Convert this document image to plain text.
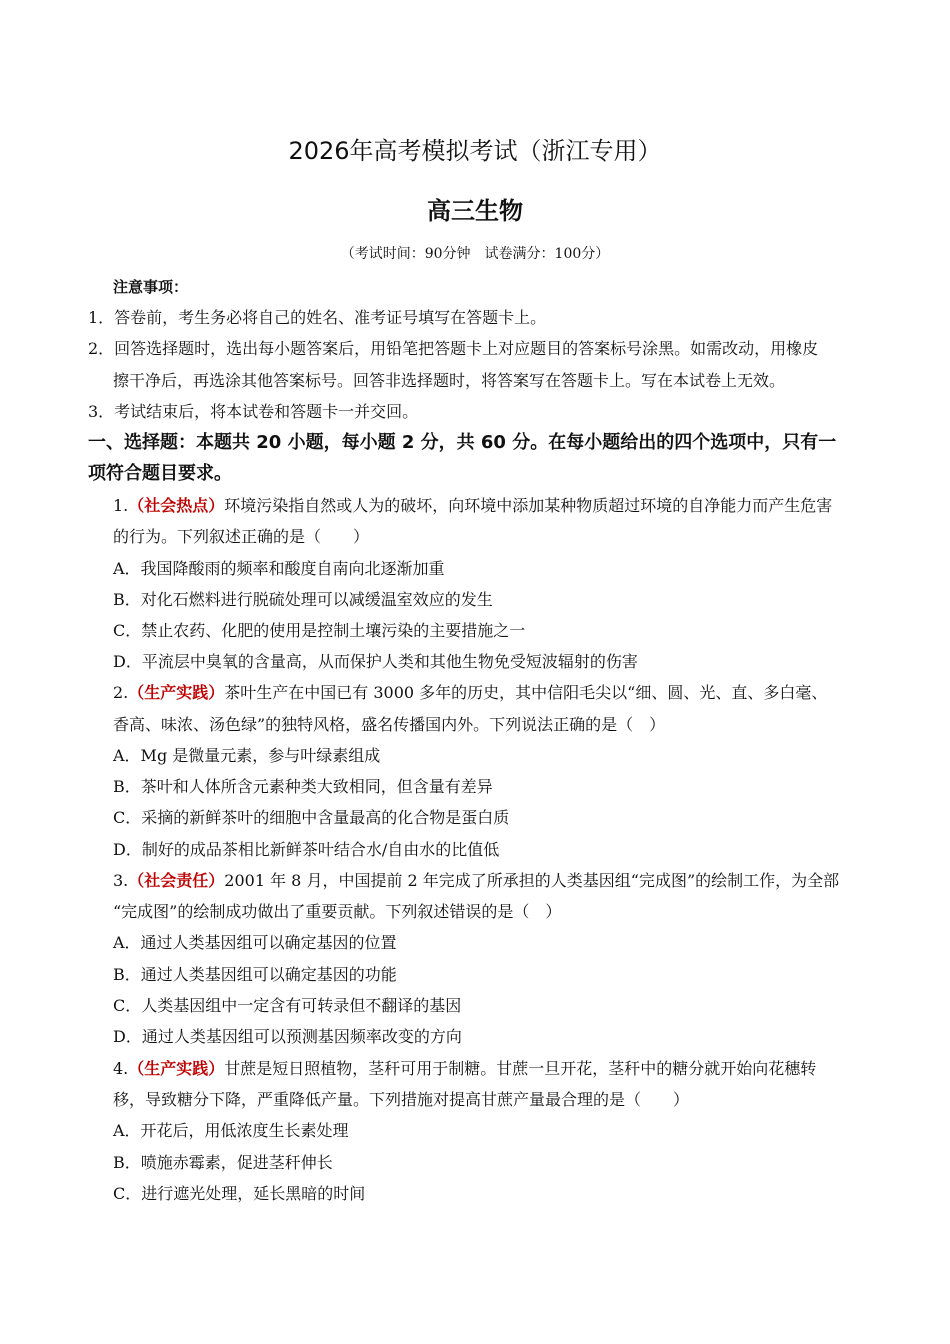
2026年高考模拟考试（浙江专用）
高三生物
（考试时间：90分钟　试卷满分：100分）
注意事项：
1．答卷前，考生务必将自己的姓名、准考证号填写在答题卡上。
2．回答选择题时，选出每小题答案后，用铅笔把答题卡上对应题目的答案标号涂黑。如需改动，用橡皮
擦干净后，再选涂其他答案标号。回答非选择题时，将答案写在答题卡上。写在本试卷上无效。
3．考试结束后，将本试卷和答题卡一并交回。
一、选择题：本题共 20 小题，每小题 2 分，共 60 分。在每小题给出的四个选项中，只有一
项符合题目要求。
1.（社会热点）环境污染指自然或人为的破坏，向环境中添加某种物质超过环境的自净能力而产生危害
的行为。下列叙述正确的是（　　）
A．我国降酸雨的频率和酸度自南向北逐渐加重
B．对化石燃料进行脱硫处理可以减缓温室效应的发生
C．禁止农药、化肥的使用是控制土壤污染的主要措施之一
D．平流层中臭氧的含量高，从而保护人类和其他生物免受短波辐射的伤害
2.（生产实践）茶叶生产在中国已有 3000 多年的历史，其中信阳毛尖以“细、圆、光、直、多白毫、
香高、味浓、汤色绿”的独特风格，盛名传播国内外。下列说法正确的是（　）
A．Mg 是微量元素，参与叶绿素组成
B．茶叶和人体所含元素种类大致相同，但含量有差异
C．采摘的新鲜茶叶的细胞中含量最高的化合物是蛋白质
D．制好的成品茶相比新鲜茶叶结合水/自由水的比值低
3.（社会责任）2001 年 8 月，中国提前 2 年完成了所承担的人类基因组“完成图”的绘制工作，为全部
“完成图”的绘制成功做出了重要贡献。下列叙述错误的是（　）
A．通过人类基因组可以确定基因的位置
B．通过人类基因组可以确定基因的功能
C．人类基因组中一定含有可转录但不翻译的基因
D．通过人类基因组可以预测基因频率改变的方向
4.（生产实践）甘蔗是短日照植物，茎秆可用于制糖。甘蔗一旦开花，茎秆中的糖分就开始向花穗转
移，导致糖分下降，严重降低产量。下列措施对提高甘蔗产量最合理的是（　　）
A．开花后，用低浓度生长素处理
B．喷施赤霉素，促进茎秆伸长
C．进行遮光处理，延长黑暗的时间
